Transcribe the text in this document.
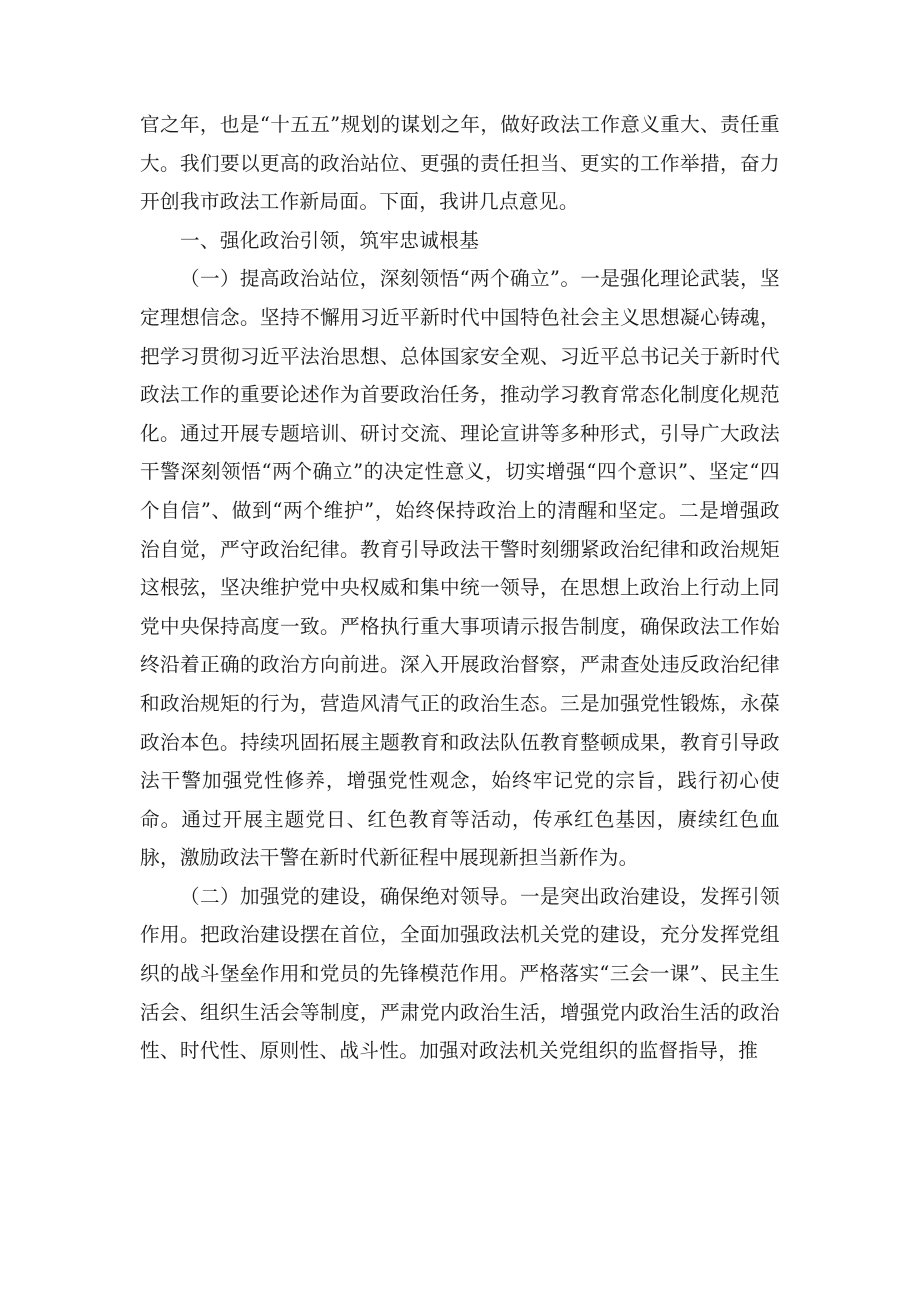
官之年，也是“十五五”规划的谋划之年，做好政法工作意义重大、责任重大。我们要以更高的政治站位、更强的责任担当、更实的工作举措，奋力开创我市政法工作新局面。下面，我讲几点意见。

一、强化政治引领，筑牢忠诚根基

（一）提高政治站位，深刻领悟“两个确立”。一是强化理论武装，坚定理想信念。坚持不懈用习近平新时代中国特色社会主义思想凝心铸魂，把学习贯彻习近平法治思想、总体国家安全观、习近平总书记关于新时代政法工作的重要论述作为首要政治任务，推动学习教育常态化制度化规范化。通过开展专题培训、研讨交流、理论宣讲等多种形式，引导广大政法干警深刻领悟“两个确立”的决定性意义，切实增强“四个意识”、坚定“四个自信”、做到“两个维护”，始终保持政治上的清醒和坚定。二是增强政治自觉，严守政治纪律。教育引导政法干警时刻绷紧政治纪律和政治规矩这根弦，坚决维护党中央权威和集中统一领导，在思想上政治上行动上同党中央保持高度一致。严格执行重大事项请示报告制度，确保政法工作始终沿着正确的政治方向前进。深入开展政治督察，严肃查处违反政治纪律和政治规矩的行为，营造风清气正的政治生态。三是加强党性锻炼，永葆政治本色。持续巩固拓展主题教育和政法队伍教育整顿成果，教育引导政法干警加强党性修养，增强党性观念，始终牢记党的宗旨，践行初心使命。通过开展主题党日、红色教育等活动，传承红色基因，赓续红色血脉，激励政法干警在新时代新征程中展现新担当新作为。

（二）加强党的建设，确保绝对领导。一是突出政治建设，发挥引领作用。把政治建设摆在首位，全面加强政法机关党的建设，充分发挥党组织的战斗堡垒作用和党员的先锋模范作用。严格落实“三会一课”、民主生活会、组织生活会等制度，严肃党内政治生活，增强党内政治生活的政治性、时代性、原则性、战斗性。加强对政法机关党组织的监督指导，推
